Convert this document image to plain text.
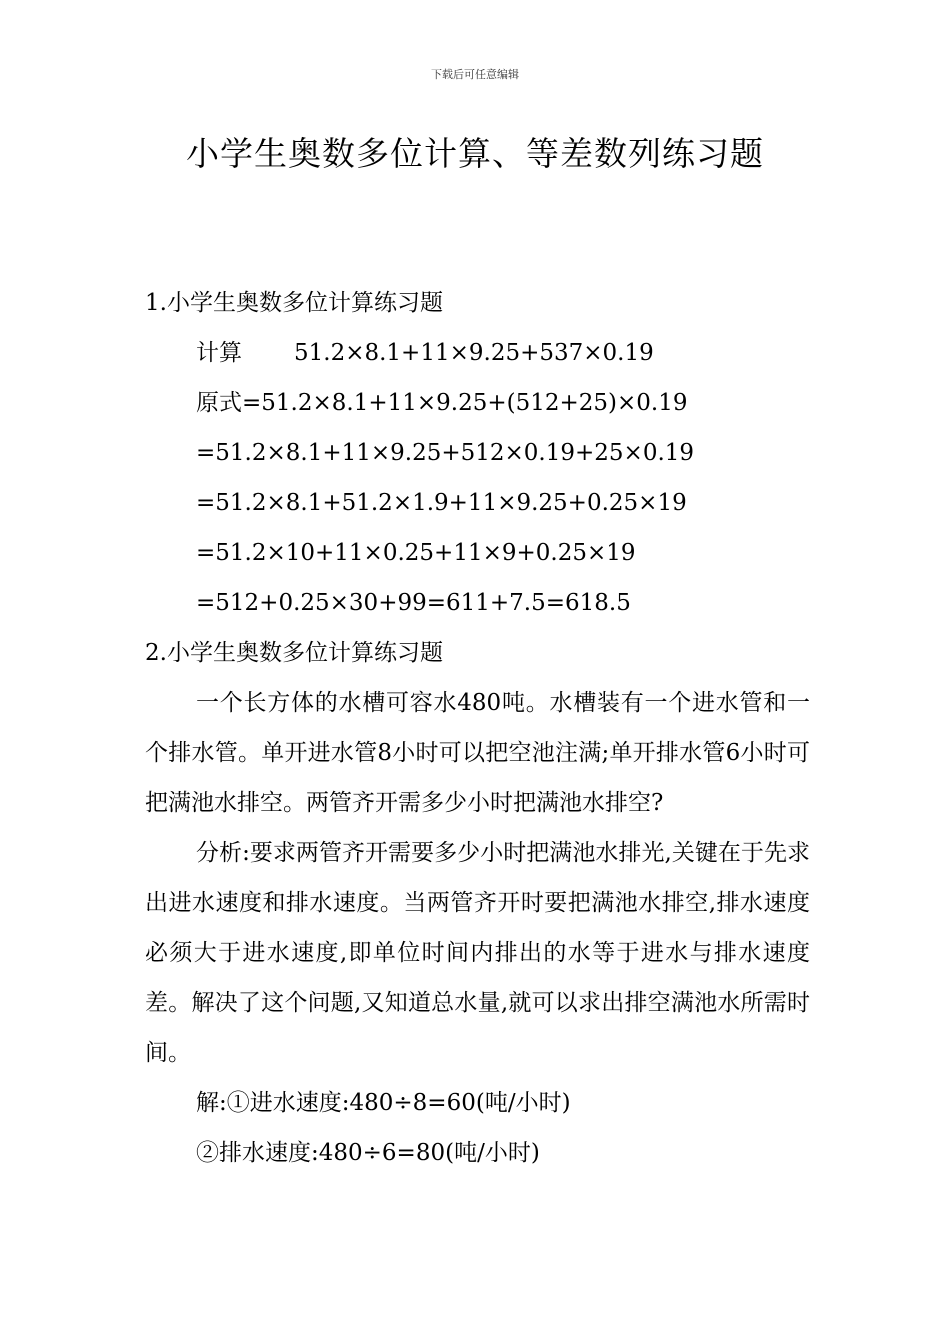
下载后可任意编辑
小学生奥数多位计算、等差数列练习题
1.小学生奥数多位计算练习题
计算 51.2×8.1+11×9.25+537×0.19
原式=51.2×8.1+11×9.25+(512+25)×0.19
=51.2×8.1+11×9.25+512×0.19+25×0.19
=51.2×8.1+51.2×1.9+11×9.25+0.25×19
=51.2×10+11×0.25+11×9+0.25×19
=512+0.25×30+99=611+7.5=618.5
2.小学生奥数多位计算练习题
一个长方体的水槽可容水480吨。水槽装有一个进水管和一个排水管。单开进水管8小时可以把空池注满;单开排水管6小时可把满池水排空。两管齐开需多少小时把满池水排空?
分析:要求两管齐开需要多少小时把满池水排光,关键在于先求出进水速度和排水速度。当两管齐开时要把满池水排空,排水速度必须大于进水速度,即单位时间内排出的水等于进水与排水速度差。解决了这个问题,又知道总水量,就可以求出排空满池水所需时间。
解:①进水速度:480÷8=60(吨/小时)
②排水速度:480÷6=80(吨/小时)
